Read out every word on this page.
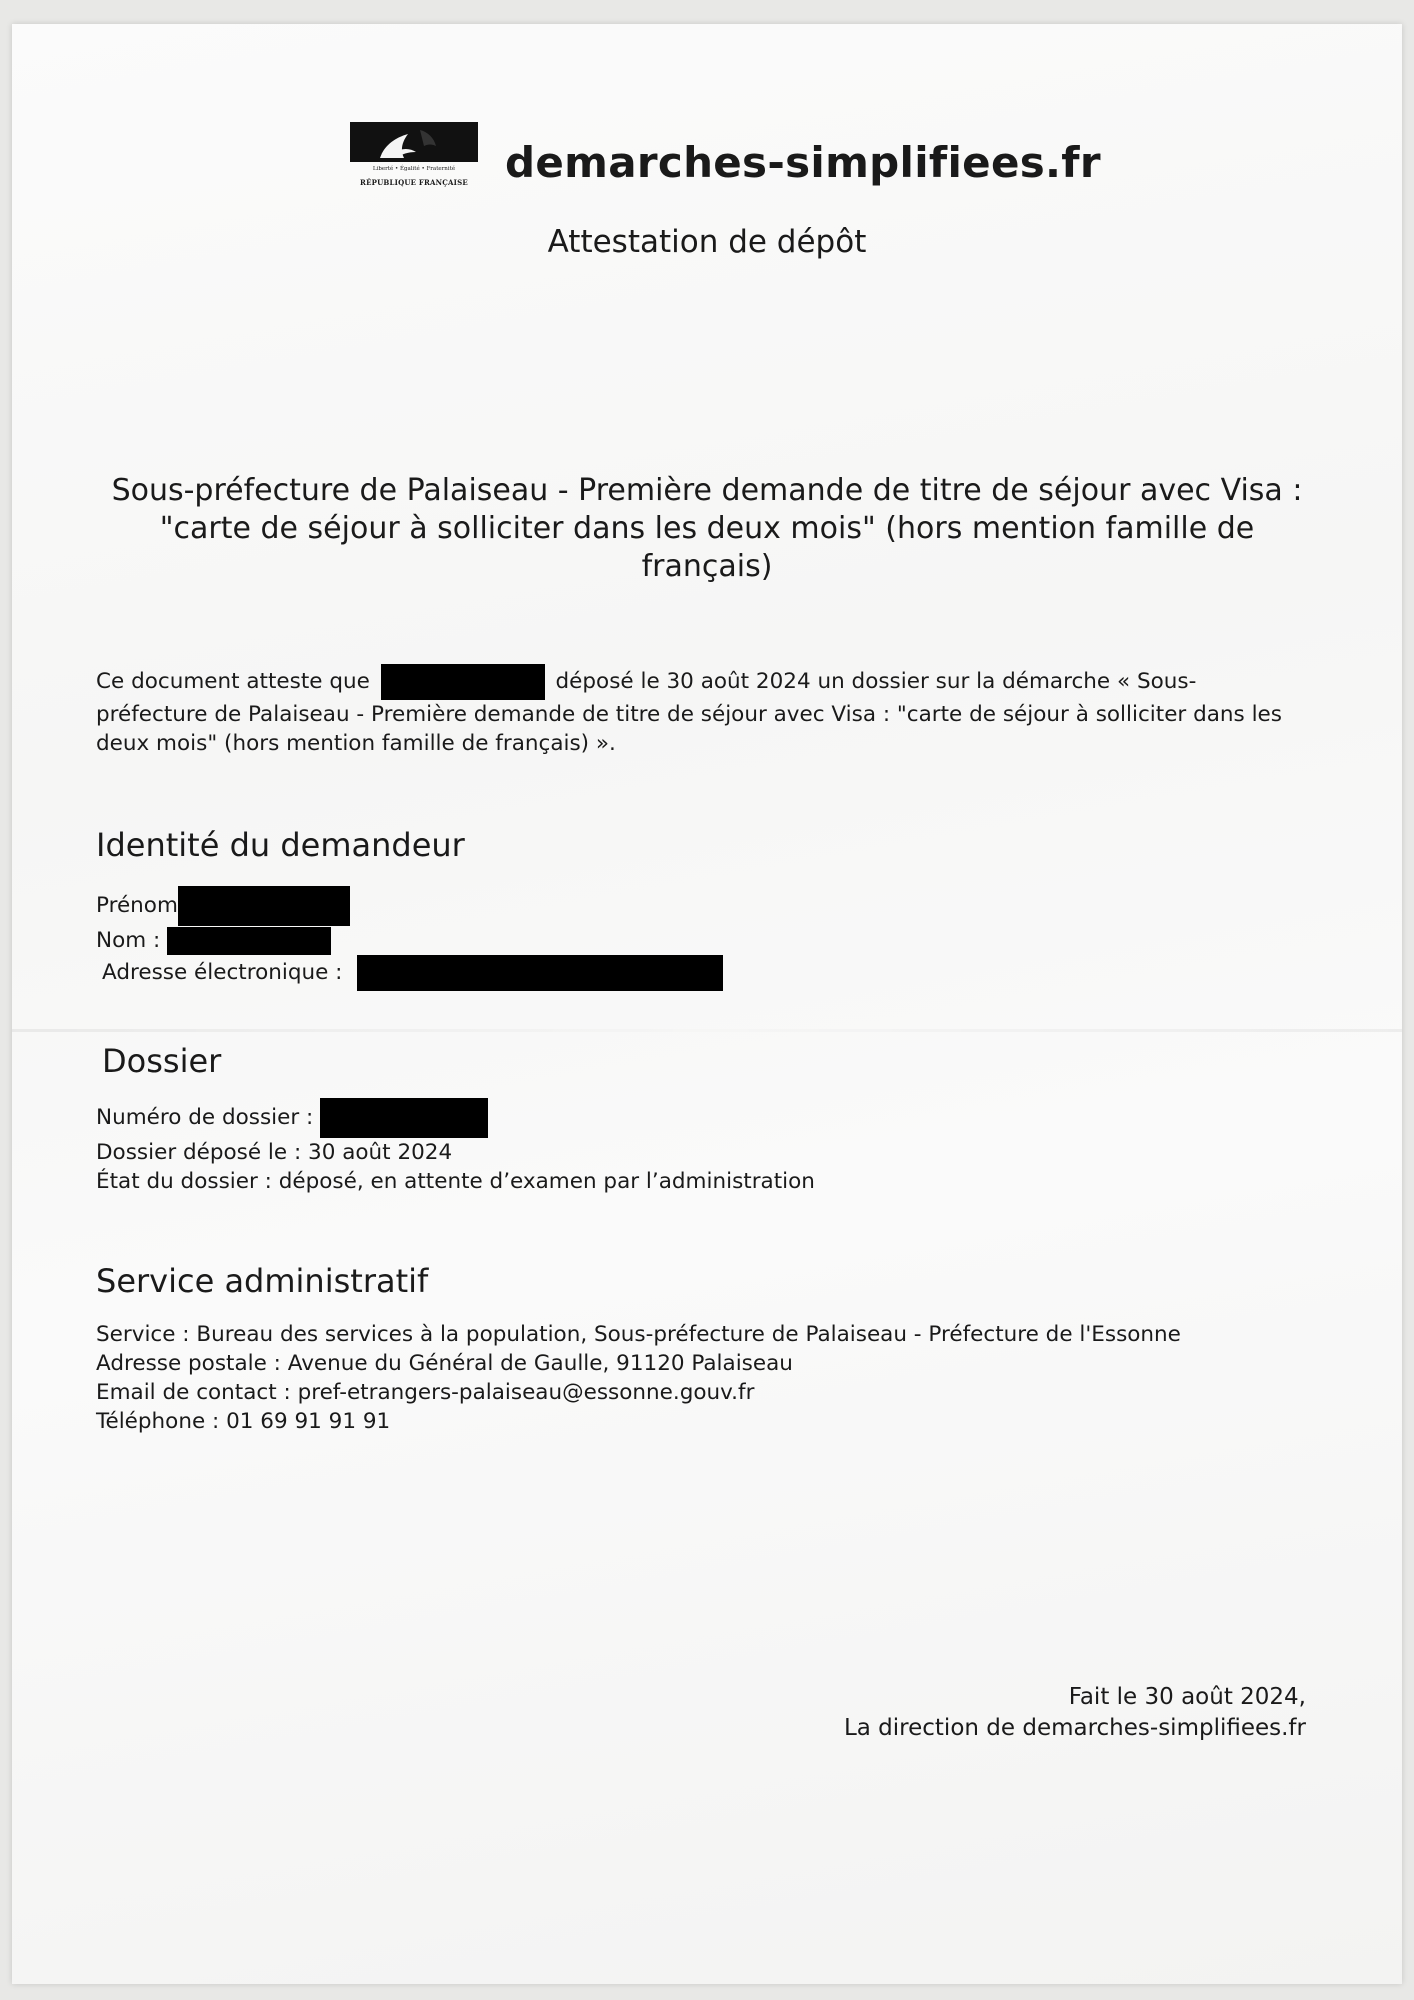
Liberté • Égalité • Fraternité
RÉPUBLIQUE FRANÇAISE demarches-simplifiees.fr
Attestation de dépôt
Sous-préfecture de Palaiseau - Première demande de titre de séjour avec Visa : "carte de séjour à solliciter dans les deux mois" (hors mention famille de français)

Ce document atteste que	déposé le 30 août 2024 un dossier sur la démarche « Sous-préfecture de Palaiseau - Première demande de titre de séjour avec Visa : "carte de séjour à solliciter dans les deux mois" (hors mention famille de français) ».

Identité du demandeur
Prénom
Nom :
Adresse électronique :
Dossier
Numéro de dossier :
Dossier déposé le : 30 août 2024
État du dossier : déposé, en attente d’examen par l’administration
Service administratif
Service : Bureau des services à la population, Sous-préfecture de Palaiseau - Préfecture de l'Essonne
Adresse postale : Avenue du Général de Gaulle, 91120 Palaiseau
Email de contact : pref-etrangers-palaiseau@essonne.gouv.fr
Téléphone : 01 69 91 91 91
Fait le 30 août 2024,
La direction de demarches-simplifiees.fr
